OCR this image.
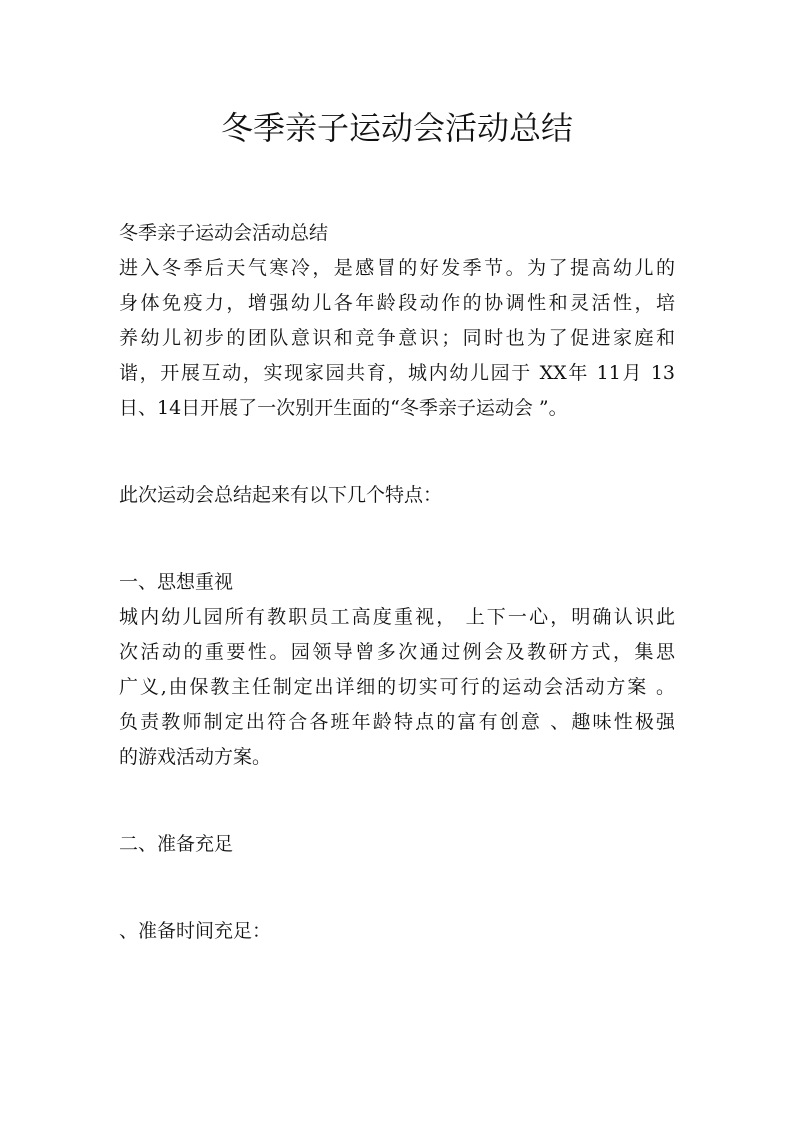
冬季亲子运动会活动总结
冬季亲子运动会活动总结
进入冬季后天气寒冷，是感冒的好发季节。为了提高幼儿的
身体免疫力，增强幼儿各年龄段动作的协调性和灵活性，培
养幼儿初步的团队意识和竞争意识；同时也为了促进家庭和
谐，开展互动，实现家园共育，城内幼儿园于 XX年 11月 13
日、14日开展了一次别开生面的“冬季亲子运动会 ”。
此次运动会总结起来有以下几个特点：
一、思想重视
城内幼儿园所有教职员工高度重视， 上下一心，明确认识此
次活动的重要性。园领导曾多次通过例会及教研方式，集思
广义,由保教主任制定出详细的切实可行的运动会活动方案 。
负责教师制定出符合各班年龄特点的富有创意 、趣味性极强
的游戏活动方案。
二、准备充足
、准备时间充足：
